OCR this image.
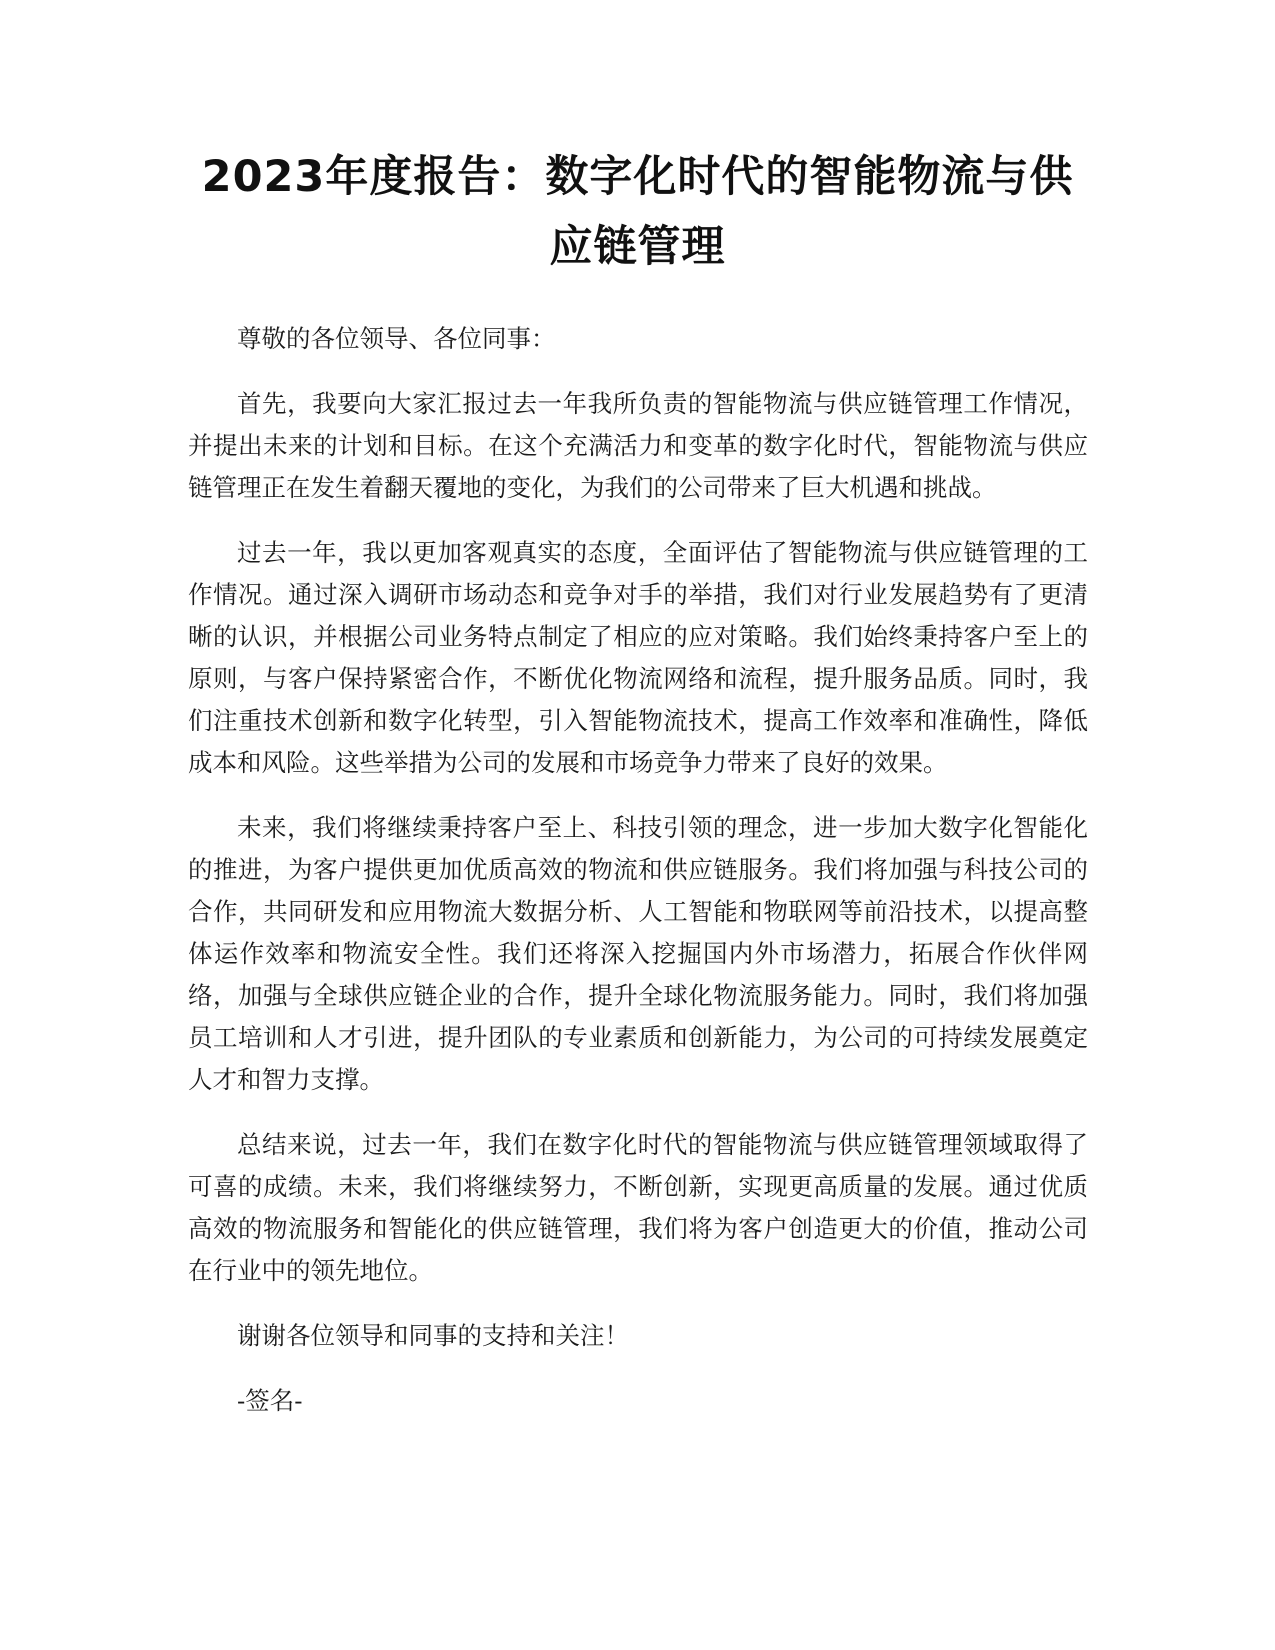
2023年度报告：数字化时代的智能物流与供应链管理

尊敬的各位领导、各位同事：

首先，我要向大家汇报过去一年我所负责的智能物流与供应链管理工作情况，并提出未来的计划和目标。在这个充满活力和变革的数字化时代，智能物流与供应链管理正在发生着翻天覆地的变化，为我们的公司带来了巨大机遇和挑战。

过去一年，我以更加客观真实的态度，全面评估了智能物流与供应链管理的工作情况。通过深入调研市场动态和竞争对手的举措，我们对行业发展趋势有了更清晰的认识，并根据公司业务特点制定了相应的应对策略。我们始终秉持客户至上的原则，与客户保持紧密合作，不断优化物流网络和流程，提升服务品质。同时，我们注重技术创新和数字化转型，引入智能物流技术，提高工作效率和准确性，降低成本和风险。这些举措为公司的发展和市场竞争力带来了良好的效果。

未来，我们将继续秉持客户至上、科技引领的理念，进一步加大数字化智能化的推进，为客户提供更加优质高效的物流和供应链服务。我们将加强与科技公司的合作，共同研发和应用物流大数据分析、人工智能和物联网等前沿技术，以提高整体运作效率和物流安全性。我们还将深入挖掘国内外市场潜力，拓展合作伙伴网络，加强与全球供应链企业的合作，提升全球化物流服务能力。同时，我们将加强员工培训和人才引进，提升团队的专业素质和创新能力，为公司的可持续发展奠定人才和智力支撑。

总结来说，过去一年，我们在数字化时代的智能物流与供应链管理领域取得了可喜的成绩。未来，我们将继续努力，不断创新，实现更高质量的发展。通过优质高效的物流服务和智能化的供应链管理，我们将为客户创造更大的价值，推动公司在行业中的领先地位。

谢谢各位领导和同事的支持和关注！

-签名-
